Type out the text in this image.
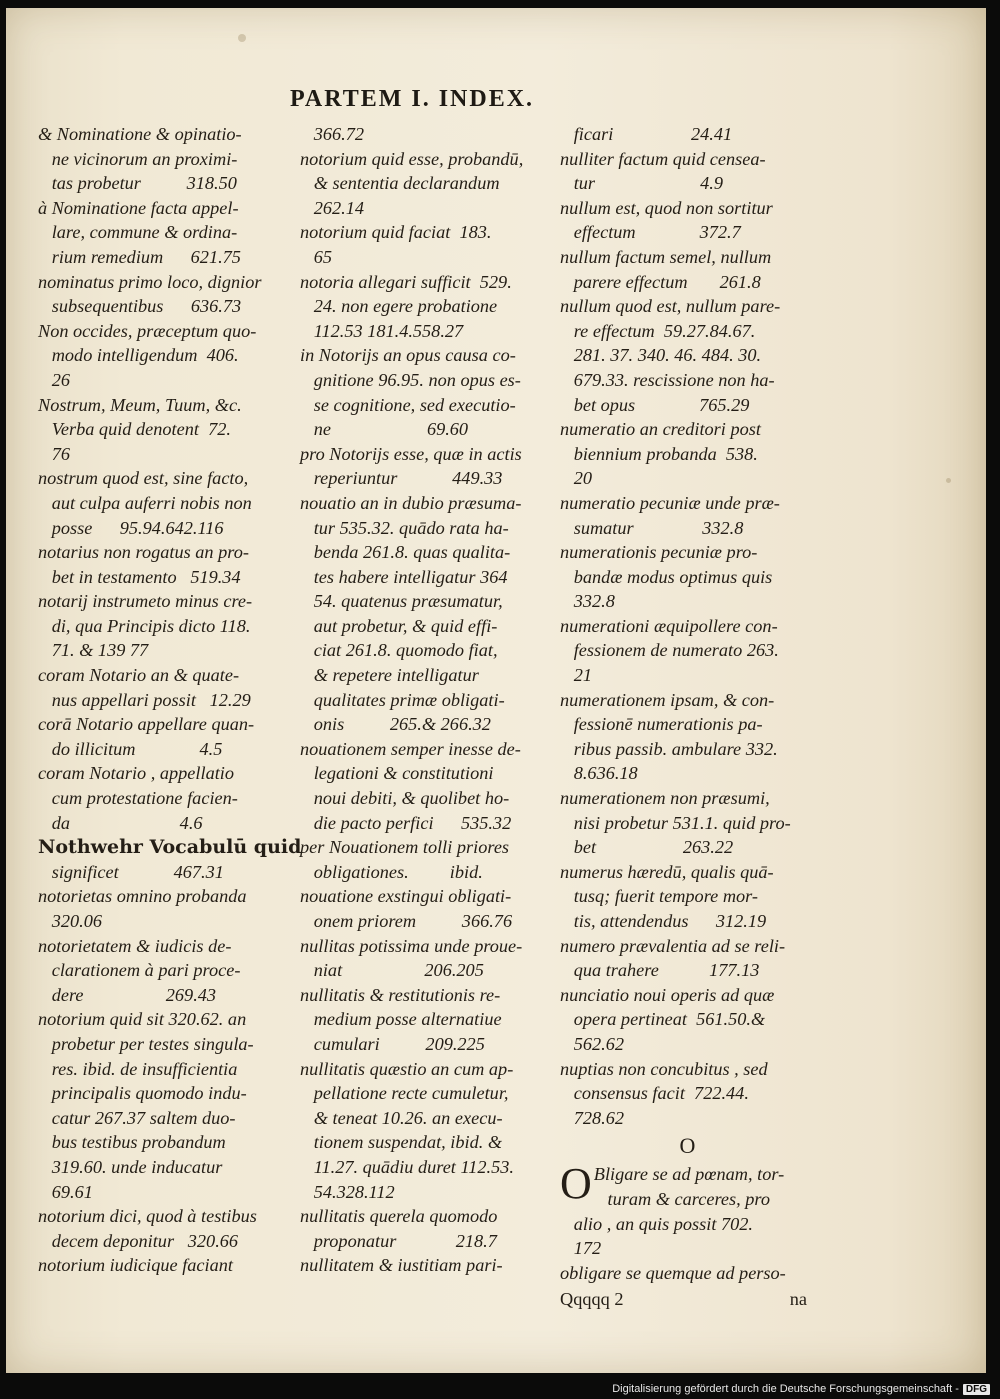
PARTEM I. INDEX.
& Nominatione & opinatio-
ne vicinorum an proximi-
tas probetur          318.50
à Nominatione facta appel-
lare, commune & ordina-
rium remedium      621.75
nominatus primo loco, dignior
subsequentibus      636.73
Non occides, præceptum quo-
modo intelligendum  406.
26
Nostrum, Meum, Tuum, &c.
Verba quid denotent  72.
76
nostrum quod est, sine facto,
aut culpa auferri nobis non
posse      95.94.642.116
notarius non rogatus an pro-
bet in testamento   519.34
notarij instrumeto minus cre-
di, qua Principis dicto 118.
71. & 139 77
coram Notario an & quate-
nus appellari possit   12.29
corā Notario appellare quan-
do illicitum              4.5
coram Notario , appellatio
cum protestatione facien-
da                        4.6
Nothwehr Vocabulū quid
significet            467.31
notorietas omnino probanda
320.06
notorietatem & iudicis de-
clarationem à pari proce-
dere                  269.43
notorium quid sit 320.62. an
probetur per testes singula-
res. ibid. de insufficientia
principalis quomodo indu-
catur 267.37 saltem duo-
bus testibus probandum
319.60. unde inducatur
69.61
notorium dici, quod à testibus
decem deponitur   320.66
notorium iudicique faciant
366.72
notorium quid esse, probandū,
& sententia declarandum
262.14
notorium quid faciat  183.
65
notoria allegari sufficit  529.
24. non egere probatione
112.53 181.4.558.27
in Notorijs an opus causa co-
gnitione 96.95. non opus es-
se cognitione, sed executio-
ne                     69.60
pro Notorijs esse, quæ in actis
reperiuntur            449.33
nouatio an in dubio præsuma-
tur 535.32. quādo rata ha-
benda 261.8. quas qualita-
tes habere intelligatur 364
54. quatenus præsumatur,
aut probetur, & quid effi-
ciat 261.8. quomodo fiat,
& repetere intelligatur
qualitates primæ obligati-
onis          265.& 266.32
nouationem semper inesse de-
legationi & constitutioni
noui debiti, & quolibet ho-
die pacto perfici      535.32
per Nouationem tolli priores
obligationes.         ibid.
nouatione exstingui obligati-
onem priorem          366.76
nullitas potissima unde proue-
niat                  206.205
nullitatis & restitutionis re-
medium posse alternatiue
cumulari          209.225
nullitatis quæstio an cum ap-
pellatione recte cumuletur,
& teneat 10.26. an execu-
tionem suspendat, ibid. &
11.27. quādiu duret 112.53.
54.328.112
nullitatis querela quomodo
proponatur             218.7
nullitatem & iustitiam pari-
ficari                 24.41
nulliter factum quid censea-
tur                       4.9
nullum est, quod non sortitur
effectum              372.7
nullum factum semel, nullum
parere effectum       261.8
nullum quod est, nullum pare-
re effectum  59.27.84.67.
281. 37. 340. 46. 484. 30.
679.33. rescissione non ha-
bet opus              765.29
numeratio an creditori post
biennium probanda  538.
20
numeratio pecuniæ unde præ-
sumatur               332.8
numerationis pecuniæ pro-
bandæ modus optimus quis
332.8
numerationi æquipollere con-
fessionem de numerato 263.
21
numerationem ipsam, & con-
fessionē numerationis pa-
ribus passib. ambulare 332.
8.636.18
numerationem non præsumi,
nisi probetur 531.1. quid pro-
bet                   263.22
numerus hæredū, qualis quā-
tusq; fuerit tempore mor-
tis, attendendus      312.19
numero prævalentia ad se reli-
qua trahere           177.13
nunciatio noui operis ad quæ
opera pertineat  561.50.&
562.62
nuptias non concubitus , sed
consensus facit  722.44.
728.62
O
O Bligare se ad pœnam, tor-
turam & carceres, pro
alio , an quis possit 702.
172
obligare se quemque ad perso-
Qqqqq 2	na
Digitalisierung gefördert durch die Deutsche Forschungsgemeinschaft - DFG
